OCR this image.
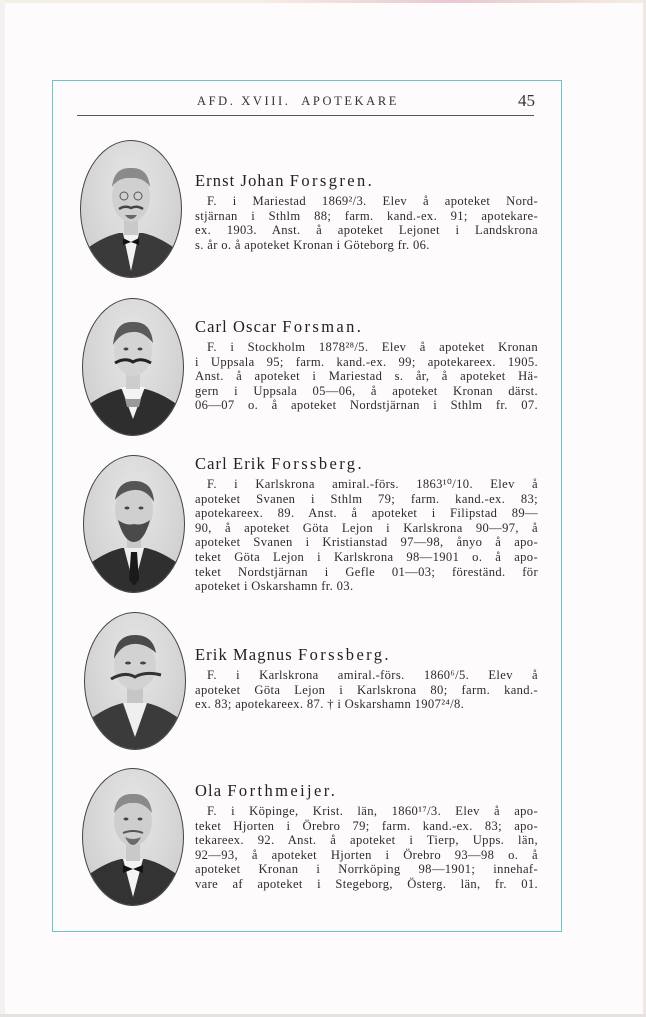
AFD. XVIII.  APOTEKARE	45
Ernst Johan Forsgren.
F. i Mariestad 1869²/3. Elev å apoteket Nord-
stjärnan i Sthlm 88; farm. kand.-ex. 91; apotekare-
ex. 1903. Anst. å apoteket Lejonet i Landskrona
s. år o. å apoteket Kronan i Göteborg fr. 06.
Carl Oscar Forsman.
F. i Stockholm 1878²⁸/5. Elev å apoteket Kronan
i Uppsala 95; farm. kand.-ex. 99; apotekareex. 1905.
Anst. å apoteket i Mariestad s. år, å apoteket Hä-
gern i Uppsala 05—06, å apoteket Kronan därst.
06—07 o. å apoteket Nordstjärnan i Sthlm fr. 07.
Carl Erik Forssberg.
F. i Karlskrona amiral.-förs. 1863¹⁰/10. Elev å
apoteket Svanen i Sthlm 79; farm. kand.-ex. 83;
apotekareex. 89. Anst. å apoteket i Filipstad 89—
90, å apoteket Göta Lejon i Karlskrona 90—97, å
apoteket Svanen i Kristianstad 97—98, ånyo å apo-
teket Göta Lejon i Karlskrona 98—1901 o. å apo-
teket Nordstjärnan i Gefle 01—03; föreständ. för
apoteket i Oskarshamn fr. 03.
Erik Magnus Forssberg.
F. i Karlskrona amiral.-förs. 1860⁶/5. Elev å
apoteket Göta Lejon i Karlskrona 80; farm. kand.-
ex. 83; apotekareex. 87. † i Oskarshamn 1907²⁴/8.
Ola Forthmeijer.
F. i Köpinge, Krist. län, 1860¹⁷/3. Elev å apo-
teket Hjorten i Örebro 79; farm. kand.-ex. 83; apo-
tekareex. 92. Anst. å apoteket i Tierp, Upps. län,
92—93, å apoteket Hjorten i Örebro 93—98 o. å
apoteket Kronan i Norrköping 98—1901; innehaf-
vare af apoteket i Stegeborg, Österg. län, fr. 01.
